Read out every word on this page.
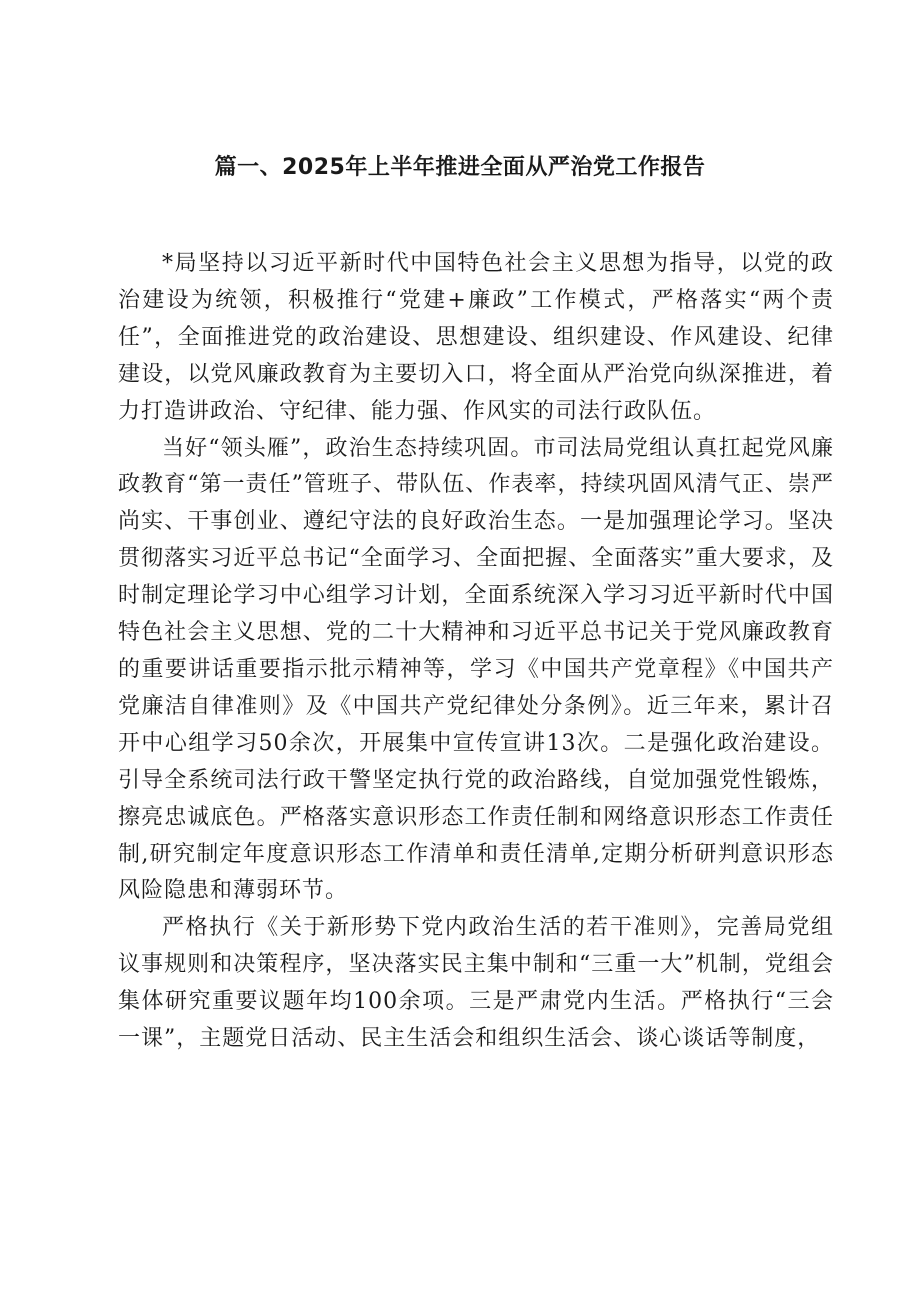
篇一、2025年上半年推进全面从严治党工作报告

*局坚持以习近平新时代中国特色社会主义思想为指导，以党的政治建设为统领，积极推行“党建+廉政”工作模式，严格落实“两个责任”，全面推进党的政治建设、思想建设、组织建设、作风建设、纪律建设，以党风廉政教育为主要切入口，将全面从严治党向纵深推进，着力打造讲政治、守纪律、能力强、作风实的司法行政队伍。

当好“领头雁”，政治生态持续巩固。市司法局党组认真扛起党风廉政教育“第一责任”管班子、带队伍、作表率，持续巩固风清气正、崇严尚实、干事创业、遵纪守法的良好政治生态。一是加强理论学习。坚决贯彻落实习近平总书记“全面学习、全面把握、全面落实”重大要求，及时制定理论学习中心组学习计划，全面系统深入学习习近平新时代中国特色社会主义思想、党的二十大精神和习近平总书记关于党风廉政教育的重要讲话重要指示批示精神等，学习《中国共产党章程》《中国共产党廉洁自律准则》及《中国共产党纪律处分条例》。近三年来，累计召开中心组学习50余次，开展集中宣传宣讲13次。二是强化政治建设。引导全系统司法行政干警坚定执行党的政治路线，自觉加强党性锻炼，擦亮忠诚底色。严格落实意识形态工作责任制和网络意识形态工作责任制,研究制定年度意识形态工作清单和责任清单,定期分析研判意识形态风险隐患和薄弱环节。

严格执行《关于新形势下党内政治生活的若干准则》，完善局党组议事规则和决策程序，坚决落实民主集中制和“三重一大”机制，党组会集体研究重要议题年均100余项。三是严肃党内生活。严格执行“三会一课”，主题党日活动、民主生活会和组织生活会、谈心谈话等制度，
